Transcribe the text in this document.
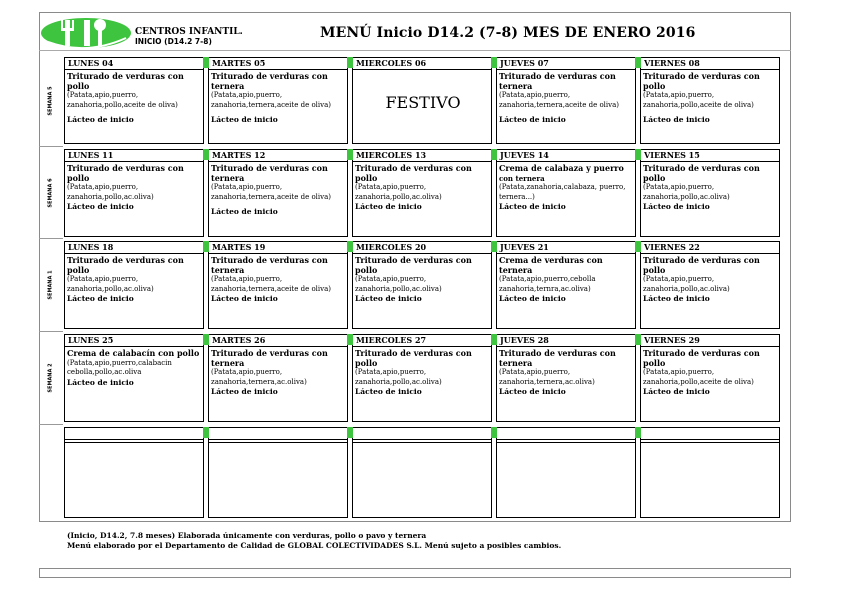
CENTROS INFANTIL.
INICIO (D14.2 7-8)
MENÚ Inicio D14.2 (7-8) MES DE ENERO 2016
SEMANA 5
LUNES 04
Triturado de verduras con pollo
(Patata,apio,puerro, zanahoria,pollo,aceite de oliva)
Lácteo de inicio
MARTES 05
Triturado de verduras con ternera
(Patata,apio,puerro, zanahoria,ternera,aceite de oliva)
Lácteo de inicio
MIERCOLES 06
FESTIVO
JUEVES 07
Triturado de verduras con ternera
(Patata,apio,puerro, zanahoria,ternera,aceite de oliva)
Lácteo de inicio
VIERNES 08
Triturado de verduras con pollo
(Patata,apio,puerro, zanahoria,pollo,aceite de oliva)
Lácteo de inicio
SEMANA 6
LUNES 11
Triturado de verduras con pollo
(Patata,apio,puerro, zanahoria,pollo,ac.oliva)
Lácteo de inicio
MARTES 12
Triturado de verduras con ternera
(Patata,apio,puerro, zanahoria,ternera,aceite de oliva)
Lácteo de inicio
MIERCOLES 13
Triturado de verduras con pollo
(Patata,apio,puerro, zanahoria,pollo,ac.oliva)
Lácteo de inicio
JUEVES 14
Crema de calabaza y puerro
con ternera
(Patata,zanahoria,calabaza, puerro, ternera...)
Lácteo de inicio
VIERNES 15
Triturado de verduras con pollo
(Patata,apio,puerro, zanahoria,pollo,ac.oliva)
Lácteo de inicio
SEMANA 1
LUNES 18
Triturado de verduras con pollo
(Patata,apio,puerro, zanahoria,pollo,ac.oliva)
Lácteo de inicio
MARTES 19
Triturado de verduras con ternera
(Patata,apio,puerro, zanahoria,ternera,aceite de oliva)
Lácteo de inicio
MIERCOLES 20
Triturado de verduras con pollo
(Patata,apio,puerro, zanahoria,pollo,ac.oliva)
Lácteo de inicio
JUEVES 21
Crema de verduras con ternera
(Patata,apio,puerro,cebolla zanahoria,ternra,ac.oliva)
Lácteo de inicio
VIERNES 22
Triturado de verduras con pollo
(Patata,apio,puerro, zanahoria,pollo,ac.oliva)
Lácteo de inicio
SEMANA 2
LUNES 25
Crema de calabacín con pollo
(Patata,apio,puerro,calabacin cebolla,pollo,ac.oliva
Lácteo de inicio
MARTES 26
Triturado de verduras con ternera
(Patata,apio,puerro, zanahoria,ternera,ac.oliva)
Lácteo de inicio
MIERCOLES 27
Triturado de verduras con pollo
(Patata,apio,puerro, zanahoria,pollo,ac.oliva)
Lácteo de inicio
JUEVES 28
Triturado de verduras con ternera
(Patata,apio,puerro, zanahoria,ternera,ac.oliva)
Lácteo de inicio
VIERNES 29
Triturado de verduras con pollo
(Patata,apio,puerro, zanahoria,pollo,aceite de oliva)
Lácteo de inicio
(Inicio, D14.2, 7.8 meses) Elaborada únicamente con verduras, pollo o pavo y ternera
Menú elaborado por el Departamento de Calidad de GLOBAL COLECTIVIDADES S.L. Menú sujeto a posibles cambios.
